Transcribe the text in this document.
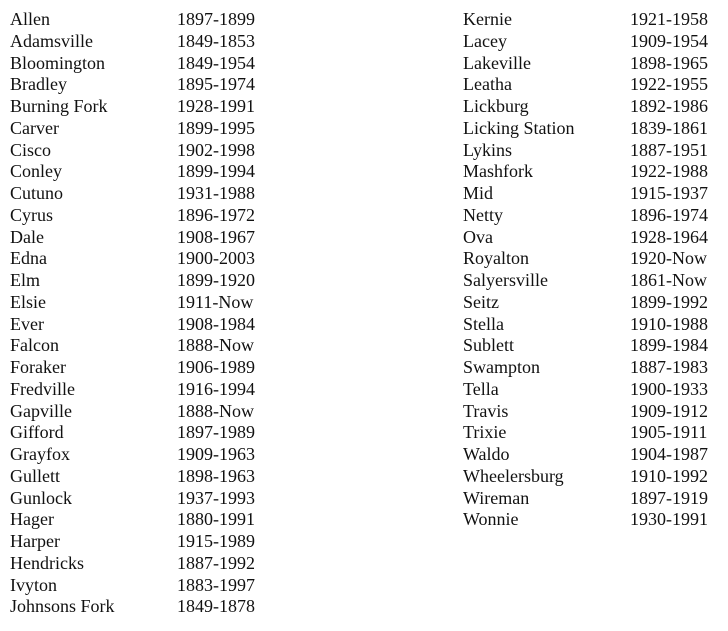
Allen	1897-1899
Adamsville	1849-1853
Bloomington	1849-1954
Bradley	1895-1974
Burning Fork	1928-1991
Carver	1899-1995
Cisco	1902-1998
Conley	1899-1994
Cutuno	1931-1988
Cyrus	1896-1972
Dale	1908-1967
Edna	1900-2003
Elm	1899-1920
Elsie	1911-Now
Ever	1908-1984
Falcon	1888-Now
Foraker	1906-1989
Fredville	1916-1994
Gapville	1888-Now
Gifford	1897-1989
Grayfox	1909-1963
Gullett	1898-1963
Gunlock	1937-1993
Hager	1880-1991
Harper	1915-1989
Hendricks	1887-1992
Ivyton	1883-1997
Johnsons Fork	1849-1878
Kernie	1921-1958
Lacey	1909-1954
Lakeville	1898-1965
Leatha	1922-1955
Lickburg	1892-1986
Licking Station	1839-1861
Lykins	1887-1951
Mashfork	1922-1988
Mid	1915-1937
Netty	1896-1974
Ova	1928-1964
Royalton	1920-Now
Salyersville	1861-Now
Seitz	1899-1992
Stella	1910-1988
Sublett	1899-1984
Swampton	1887-1983
Tella	1900-1933
Travis	1909-1912
Trixie	1905-1911
Waldo	1904-1987
Wheelersburg	1910-1992
Wireman	1897-1919
Wonnie	1930-1991
